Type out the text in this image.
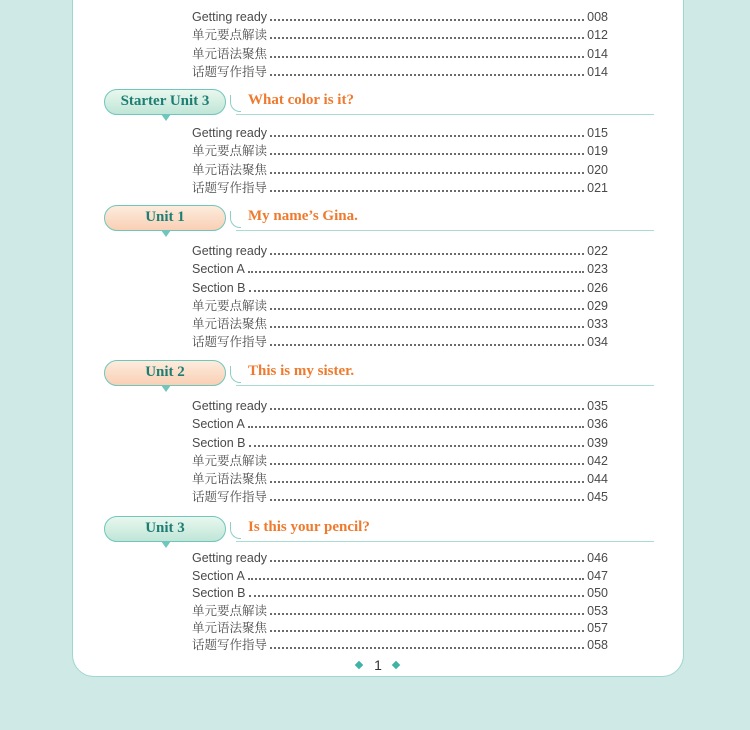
Getting ready	008
单元要点解读	012
单元语法聚焦	014
话题写作指导	014
Starter Unit 3	What color is it?
Getting ready	015
单元要点解读	019
单元语法聚焦	020
话题写作指导	021
Unit 1	My name’s Gina.
Getting ready	022
Section A	023
Section B	026
单元要点解读	029
单元语法聚焦	033
话题写作指导	034
Unit 2	This is my sister.
Getting ready	035
Section A	036
Section B	039
单元要点解读	042
单元语法聚焦	044
话题写作指导	045
Unit 3	Is this your pencil?
Getting ready	046
Section A	047
Section B	050
单元要点解读	053
单元语法聚焦	057
话题写作指导	058
1
